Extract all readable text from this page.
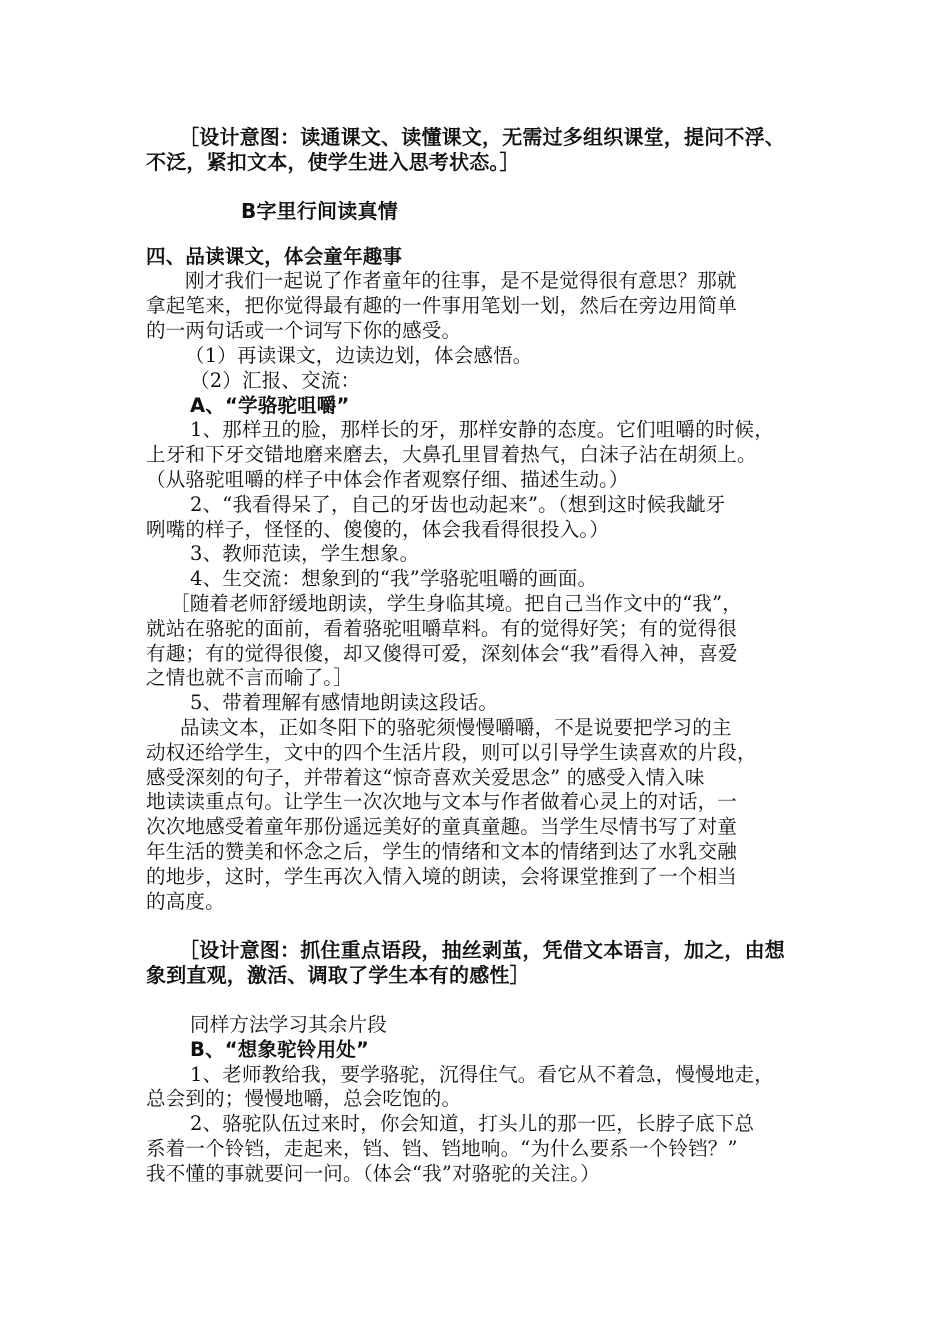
［设计意图：读通课文、读懂课文，无需过多组织课堂，提问不浮、
不泛，紧扣文本，使学生进入思考状态。］
B字里行间读真情
四、品读课文，体会童年趣事
刚才我们一起说了作者童年的往事，是不是觉得很有意思？那就
拿起笔来，把你觉得最有趣的一件事用笔划一划，然后在旁边用简单
的一两句话或一个词写下你的感受。
（1）再读课文，边读边划，体会感悟。
（2）汇报、交流：
A、“学骆驼咀嚼”
1、那样丑的脸，那样长的牙，那样安静的态度。它们咀嚼的时候，
上牙和下牙交错地磨来磨去，大鼻孔里冒着热气，白沫子沾在胡须上。
（从骆驼咀嚼的样子中体会作者观察仔细、描述生动。）
2、“我看得呆了，自己的牙齿也动起来”。（想到这时候我龇牙
咧嘴的样子，怪怪的、傻傻的，体会我看得很投入。）
3、教师范读，学生想象。
4、生交流：想象到的“我”学骆驼咀嚼的画面。
［随着老师舒缓地朗读，学生身临其境。把自己当作文中的“我”，
就站在骆驼的面前，看着骆驼咀嚼草料。有的觉得好笑；有的觉得很
有趣；有的觉得很傻，却又傻得可爱，深刻体会“我”看得入神，喜爱
之情也就不言而喻了。］
5、带着理解有感情地朗读这段话。
品读文本，正如冬阳下的骆驼须慢慢嚼嚼，不是说要把学习的主
动权还给学生，文中的四个生活片段，则可以引导学生读喜欢的片段，
感受深刻的句子，并带着这“惊奇喜欢关爱思念” 的感受入情入味
地读读重点句。让学生一次次地与文本与作者做着心灵上的对话，一
次次地感受着童年那份遥远美好的童真童趣。当学生尽情书写了对童
年生活的赞美和怀念之后，学生的情绪和文本的情绪到达了水乳交融
的地步，这时，学生再次入情入境的朗读，会将课堂推到了一个相当
的高度。
［设计意图：抓住重点语段，抽丝剥茧，凭借文本语言，加之，由想
象到直观，激活、调取了学生本有的感性］
同样方法学习其余片段
B、“想象驼铃用处”
1、老师教给我，要学骆驼，沉得住气。看它从不着急，慢慢地走，
总会到的；慢慢地嚼，总会吃饱的。
2、骆驼队伍过来时，你会知道，打头儿的那一匹，长脖子底下总
系着一个铃铛，走起来，铛、铛、铛地响。“为什么要系一个铃铛？”
我不懂的事就要问一问。（体会“我”对骆驼的关注。）
